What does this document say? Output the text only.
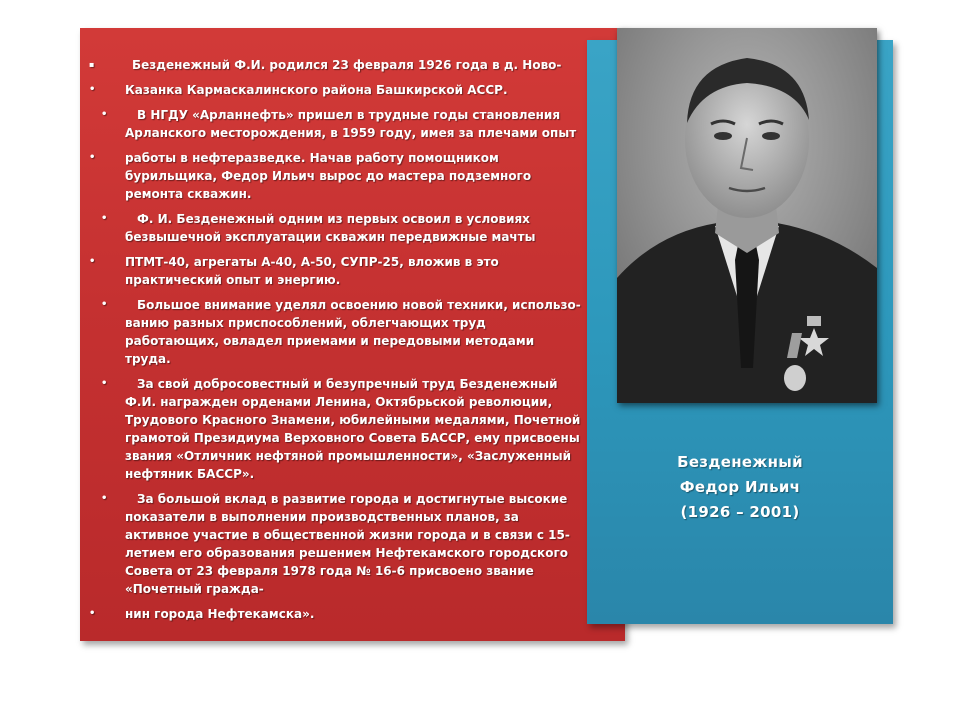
▪ Безденежный Ф.И. родился 23 февраля 1926 года в д. Ново-
• Казанка Кармаскалинского района Башкирской АССР.
• В НГДУ «Арланнефть» пришел в трудные годы становления Арланского месторождения, в 1959 году, имея за плечами опыт
• работы в нефтеразведке. Начав работу помощником бурильщика, Федор Ильич вырос до мастера подземного ремонта скважин.
• Ф. И. Безденежный одним из первых освоил в условиях безвышечной эксплуатации скважин передвижные мачты
• ПТМТ-40, агрегаты А-40, А-50, СУПР-25, вложив в это практический опыт и энергию.
• Большое внимание уделял освоению новой техники, использо-ванию разных приспособлений, облегчающих труд работающих, овладел приемами и передовыми методами труда.
• За свой добросовестный и безупречный труд Безденежный Ф.И. награжден орденами Ленина, Октябрьской революции, Трудового Красного Знамени, юбилейными медалями, Почетной грамотой Президиума Верховного Совета БАССР, ему присвоены звания «Отличник нефтяной промышленности», «Заслуженный нефтяник БАССР».
• За большой вклад в развитие города и достигнутые высокие показатели в выполнении производственных планов, за активное участие в общественной жизни города и в связи с 15-летием его образования решением Нефтекамского городского Совета от 23 февраля 1978 года № 16-6 присвоено звание «Почетный гражда-
• нин города Нефтекамска».
Безденежный
Федор Ильич
(1926 – 2001)
